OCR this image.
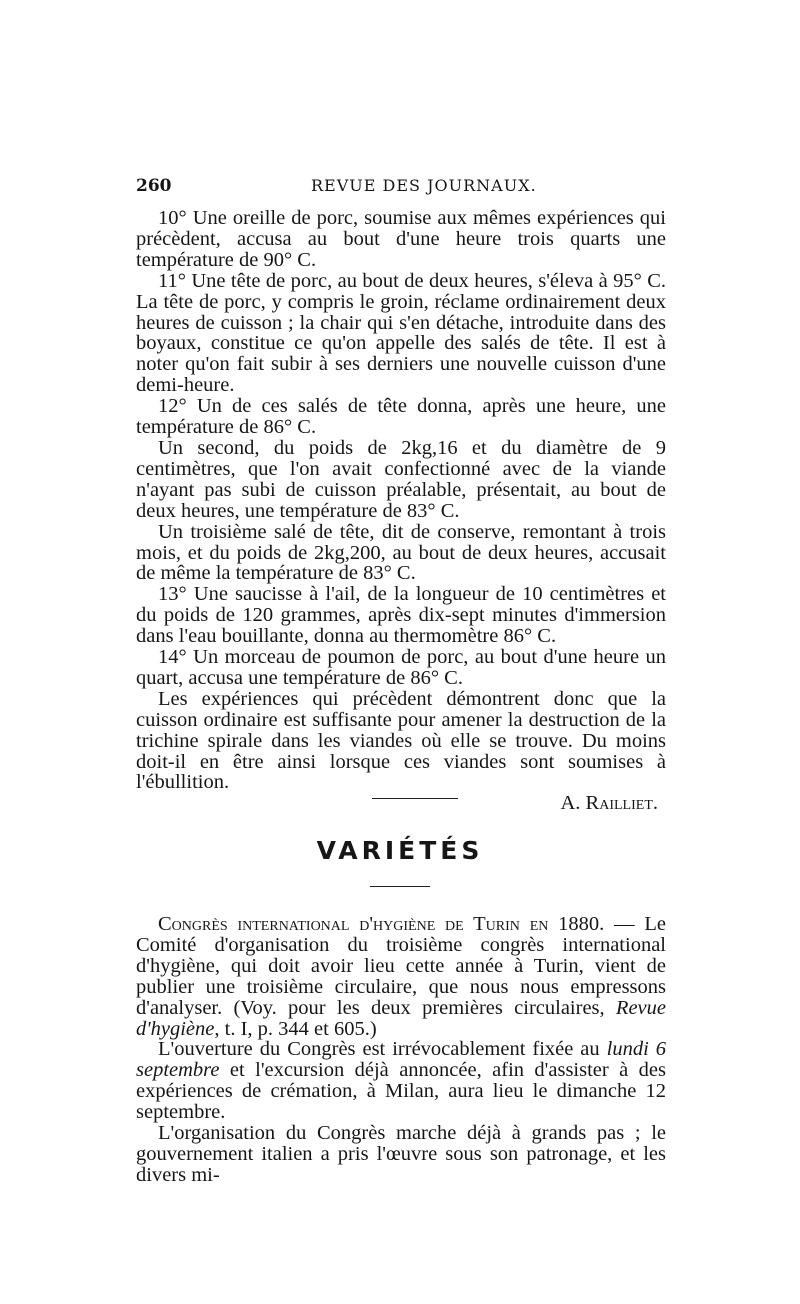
260	REVUE DES JOURNAUX.

10° Une oreille de porc, soumise aux mêmes expériences qui précèdent, accusa au bout d'une heure trois quarts une température de 90° C.

11° Une tête de porc, au bout de deux heures, s'éleva à 95° C. La tête de porc, y compris le groin, réclame ordinairement deux heures de cuisson ; la chair qui s'en détache, introduite dans des boyaux, constitue ce qu'on appelle des salés de tête. Il est à noter qu'on fait subir à ses derniers une nouvelle cuisson d'une demi-heure.

12° Un de ces salés de tête donna, après une heure, une température de 86° C.

Un second, du poids de 2kg,16 et du diamètre de 9 centimètres, que l'on avait confectionné avec de la viande n'ayant pas subi de cuisson préalable, présentait, au bout de deux heures, une température de 83° C.

Un troisième salé de tête, dit de conserve, remontant à trois mois, et du poids de 2kg,200, au bout de deux heures, accusait de même la température de 83° C.

13° Une saucisse à l'ail, de la longueur de 10 centimètres et du poids de 120 grammes, après dix-sept minutes d'immersion dans l'eau bouillante, donna au thermomètre 86° C.

14° Un morceau de poumon de porc, au bout d'une heure un quart, accusa une température de 86° C.

Les expériences qui précèdent démontrent donc que la cuisson ordinaire est suffisante pour amener la destruction de la trichine spirale dans les viandes où elle se trouve. Du moins doit-il en être ainsi lorsque ces viandes sont soumises à l'ébullition.

A. Railliet.

VARIÉTÉS

Congrès international d'hygiène de Turin en 1880. — Le Comité d'organisation du troisième congrès international d'hygiène, qui doit avoir lieu cette année à Turin, vient de publier une troisième circulaire, que nous nous empressons d'analyser. (Voy. pour les deux premières circulaires, Revue d'hygiène, t. I, p. 344 et 605.)

L'ouverture du Congrès est irrévocablement fixée au lundi 6 septembre et l'excursion déjà annoncée, afin d'assister à des expériences de crémation, à Milan, aura lieu le dimanche 12 septembre.

L'organisation du Congrès marche déjà à grands pas ; le gouvernement italien a pris l'œuvre sous son patronage, et les divers mi-
